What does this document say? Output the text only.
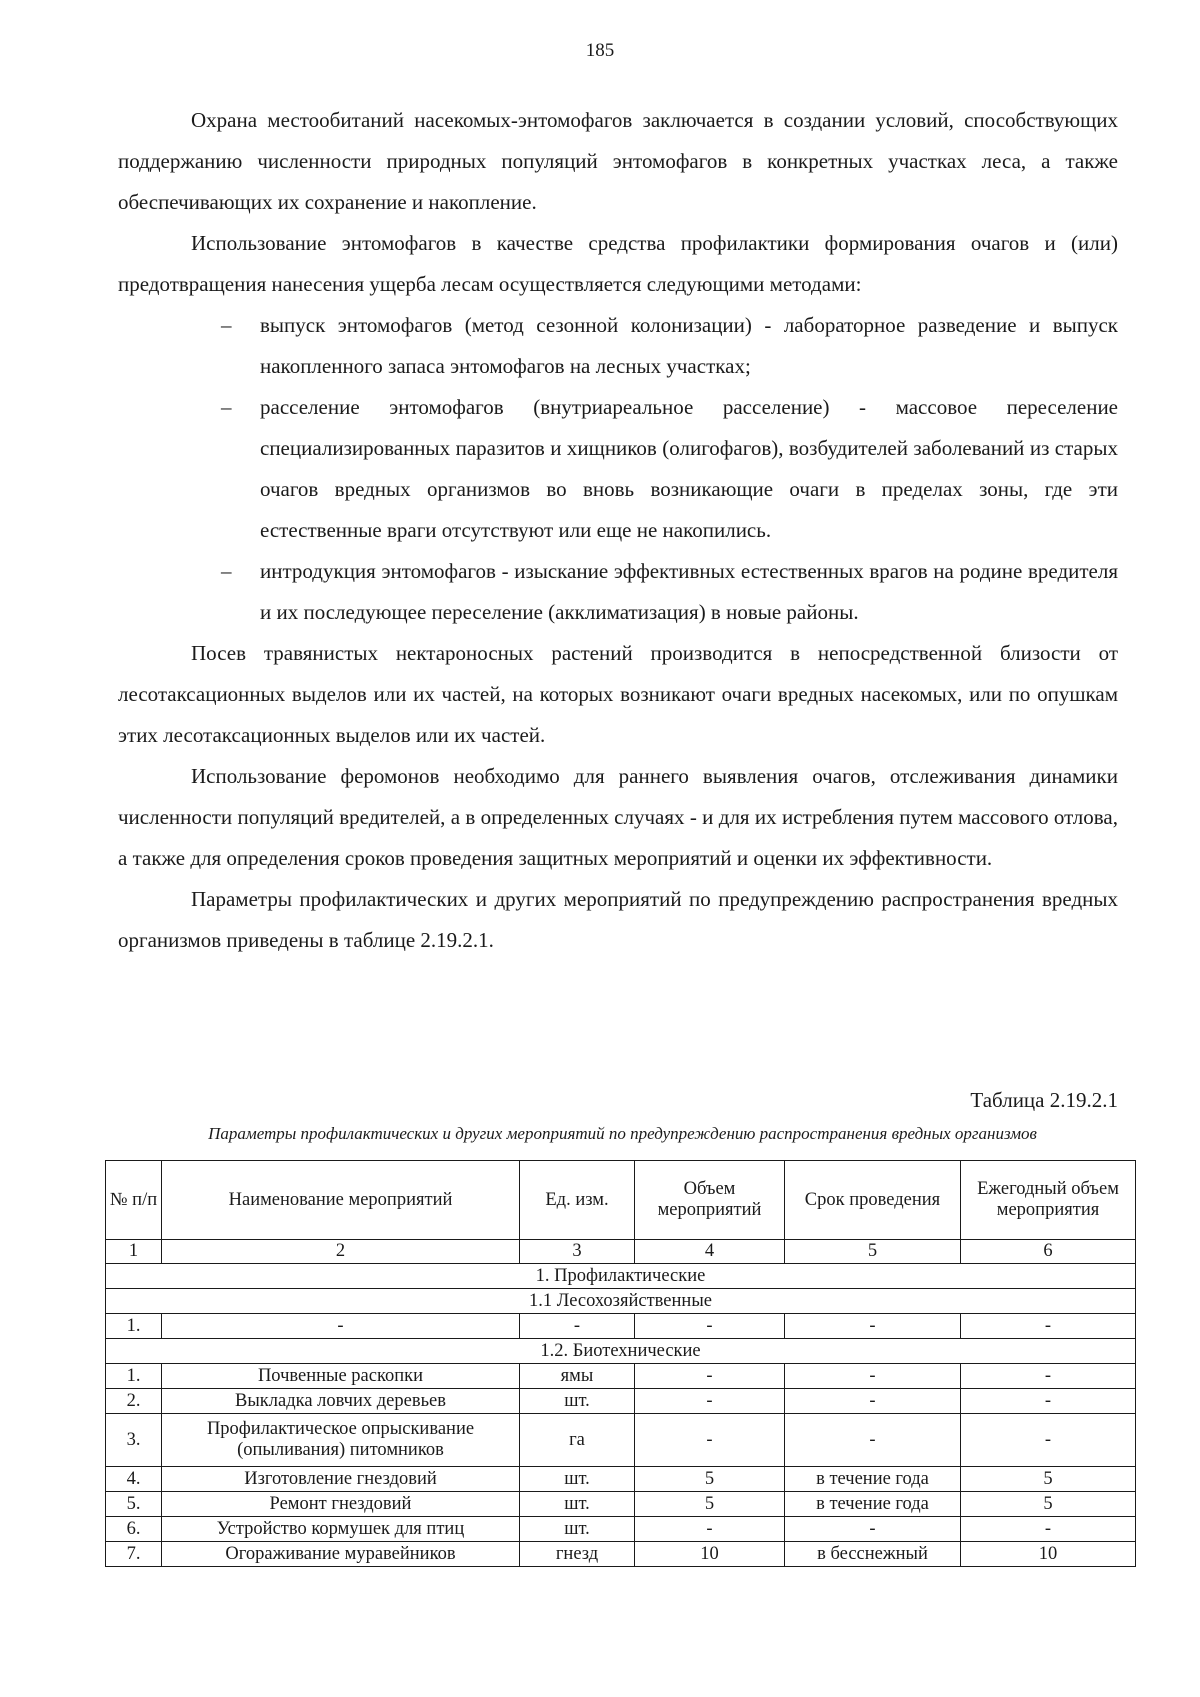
185

Охрана местообитаний насекомых-энтомофагов заключается в создании условий, способствующих поддержанию численности природных популяций энтомофагов в конкретных участках леса, а также обеспечивающих их сохранение и накопление.

Использование энтомофагов в качестве средства профилактики формирования очагов и (или) предотвращения нанесения ущерба лесам осуществляется следующими методами:

– выпуск энтомофагов (метод сезонной колонизации) - лабораторное разведение и выпуск накопленного запаса энтомофагов на лесных участках;
– расселение энтомофагов (внутриареальное расселение) - массовое переселение специализированных паразитов и хищников (олигофагов), возбудителей заболеваний из старых очагов вредных организмов во вновь возникающие очаги в пределах зоны, где эти естественные враги отсутствуют или еще не накопились.
– интродукция энтомофагов - изыскание эффективных естественных врагов на родине вредителя и их последующее переселение (акклиматизация) в новые районы.

Посев травянистых нектароносных растений производится в непосредственной близости от лесотаксационных выделов или их частей, на которых возникают очаги вредных насекомых, или по опушкам этих лесотаксационных выделов или их частей.

Использование феромонов необходимо для раннего выявления очагов, отслеживания динамики численности популяций вредителей, а в определенных случаях - и для их истребления путем массового отлова, а также для определения сроков проведения защитных мероприятий и оценки их эффективности.

Параметры профилактических и других мероприятий по предупреждению распространения вредных организмов приведены в таблице 2.19.2.1.

Таблица 2.19.2.1
Параметры профилактических и других мероприятий по предупреждению распространения вредных организмов
№ п/п	Наименование мероприятий	Ед. изм.	Объем мероприятий	Срок проведения	Ежегодный объем мероприятия
1	2	3	4	5	6
1. Профилактические					
1.1 Лесохозяйственные					
1.	-	-	-	-	-
1.2. Биотехнические					
1.	Почвенные раскопки	ямы	-	-	-
2.	Выкладка ловчих деревьев	шт.	-	-	-
3.	Профилактическое опрыскивание (опыливания) питомников	га	-	-	-
4.	Изготовление гнездовий	шт.	5	в течение года	5
5.	Ремонт гнездовий	шт.	5	в течение года	5
6.	Устройство кормушек для птиц	шт.	-	-	-
7.	Огораживание муравейников	гнезд	10	в бесснежный	10
